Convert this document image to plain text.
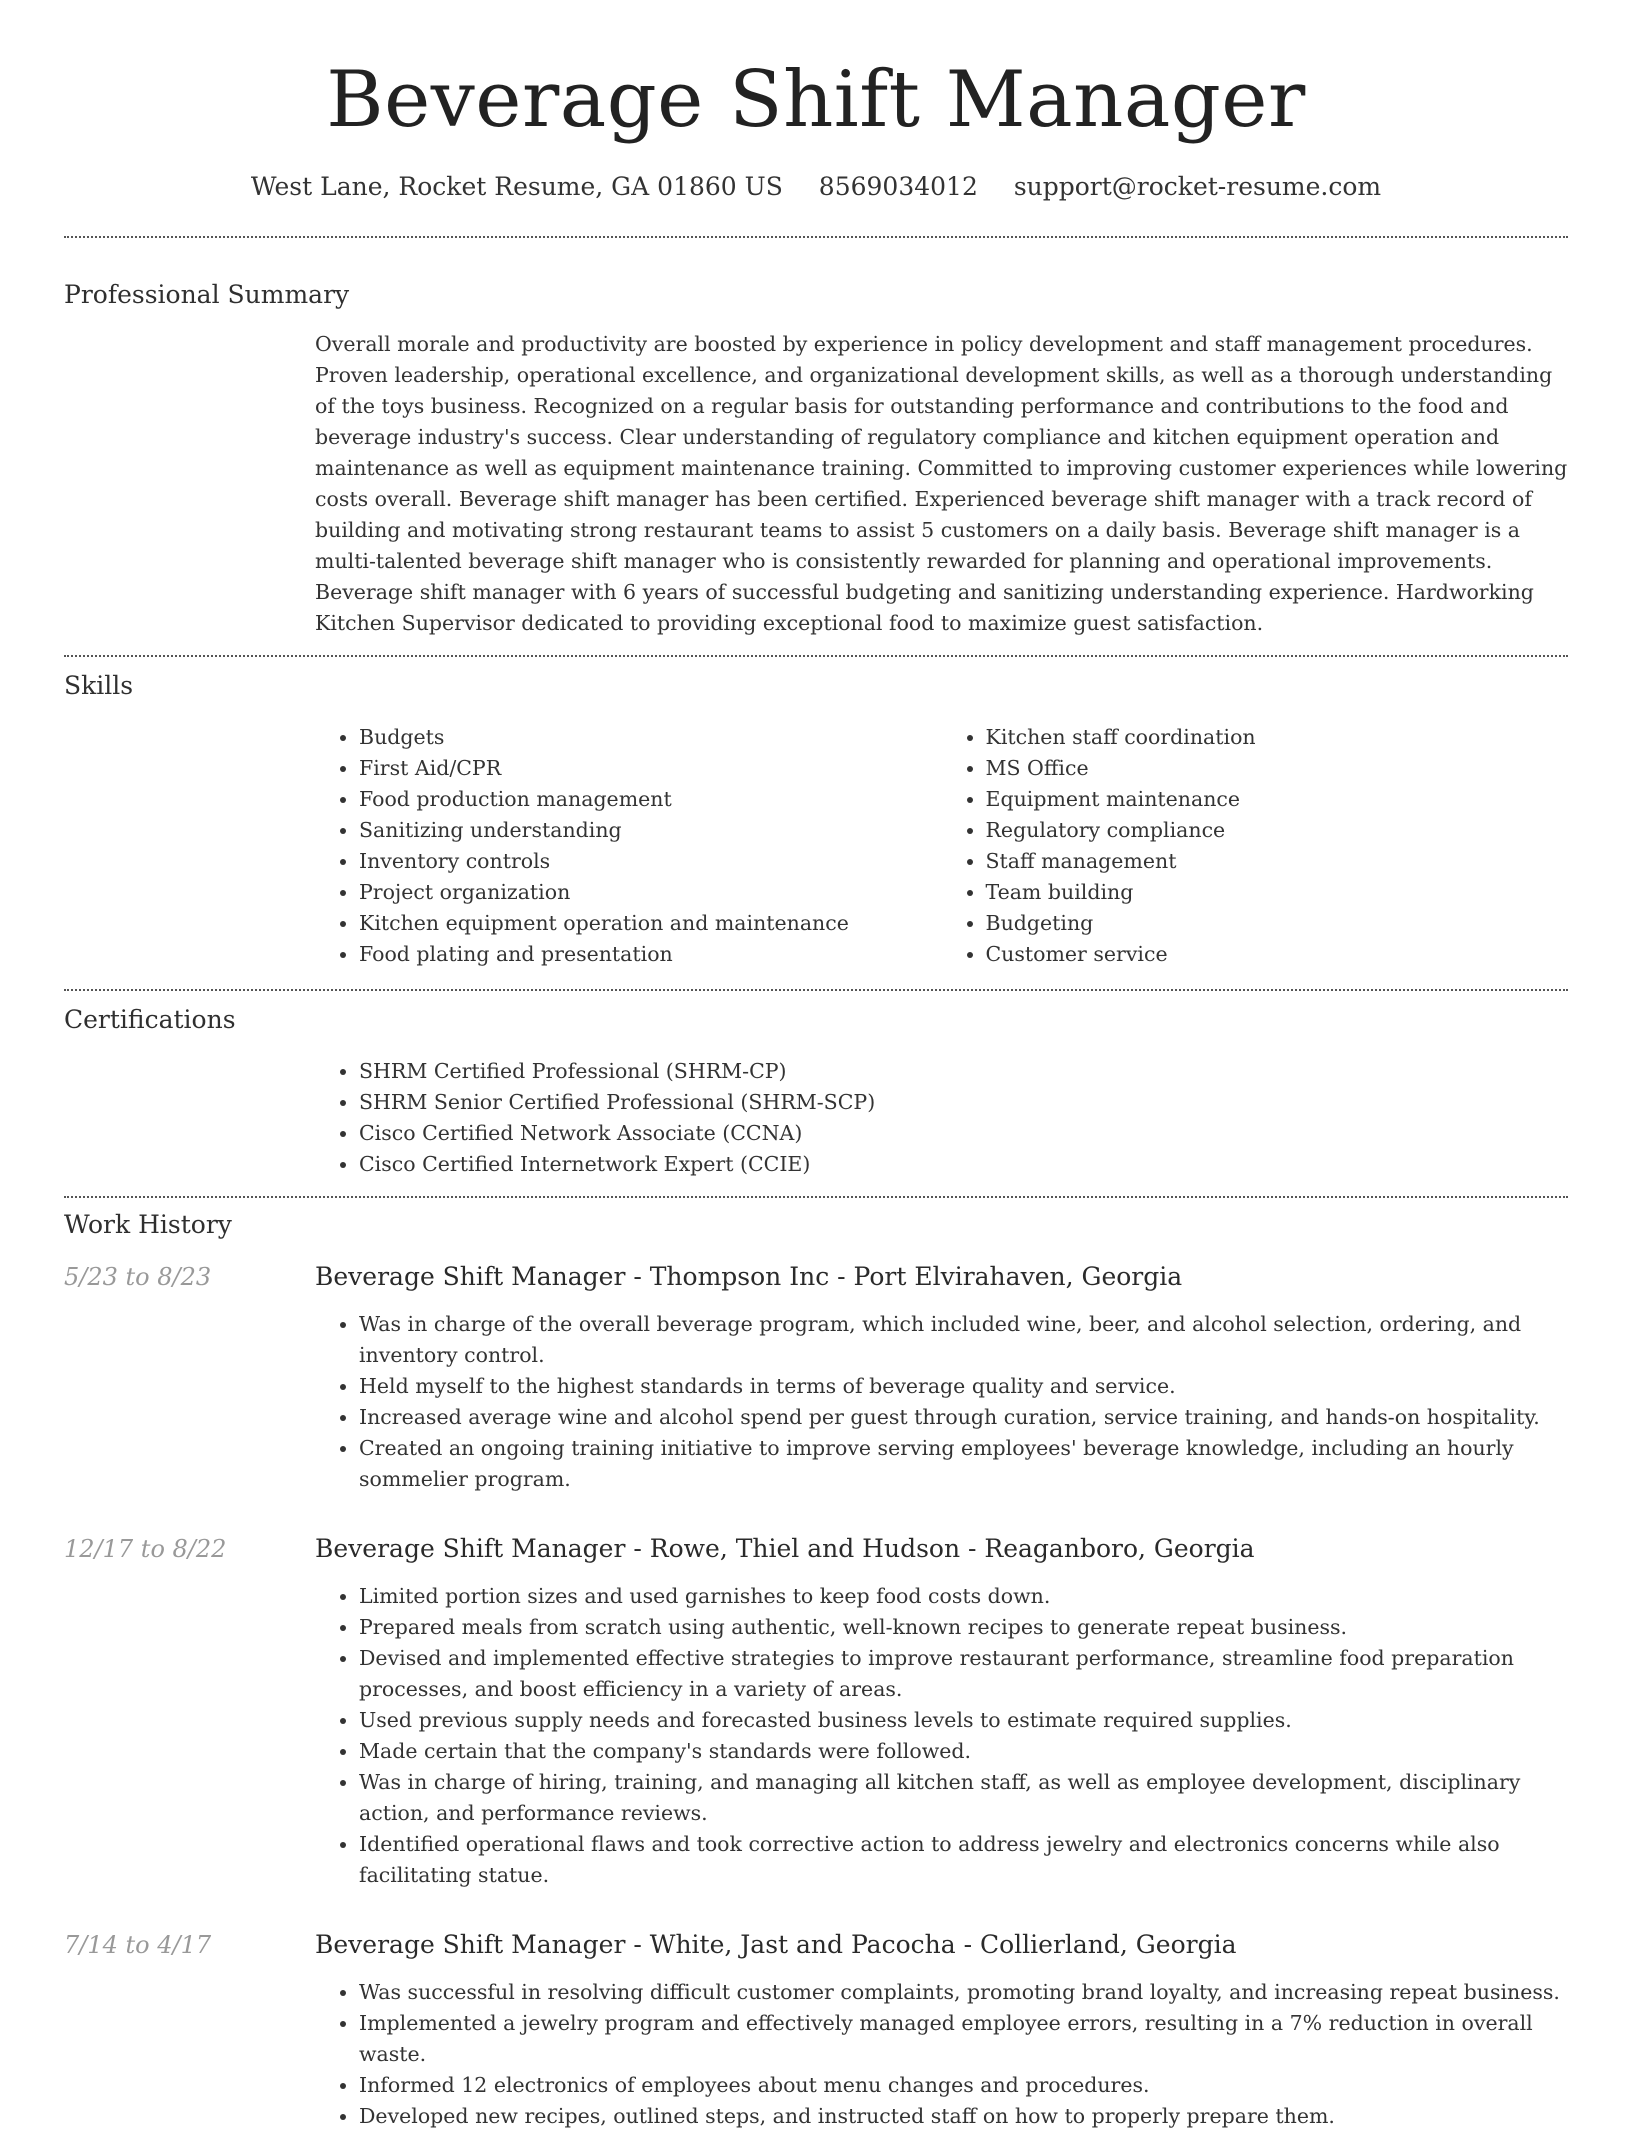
Beverage Shift Manager
West Lane, Rocket Resume, GA 01860 US 8569034012 support@rocket-resume.com
Professional Summary

Overall morale and productivity are boosted by experience in policy development and staff management procedures. Proven leadership, operational excellence, and organizational development skills, as well as a thorough understanding of the toys business. Recognized on a regular basis for outstanding performance and contributions to the food and beverage industry's success. Clear understanding of regulatory compliance and kitchen equipment operation and maintenance as well as equipment maintenance training. Committed to improving customer experiences while lowering costs overall. Beverage shift manager has been certified. Experienced beverage shift manager with a track record of building and motivating strong restaurant teams to assist 5 customers on a daily basis. Beverage shift manager is a multi-talented beverage shift manager who is consistently rewarded for planning and operational improvements. Beverage shift manager with 6 years of successful budgeting and sanitizing understanding experience. Hardworking Kitchen Supervisor dedicated to providing exceptional food to maximize guest satisfaction.

Skills
• Budgets
• First Aid/CPR
• Food production management
• Sanitizing understanding
• Inventory controls
• Project organization
• Kitchen equipment operation and maintenance
• Food plating and presentation
• Kitchen staff coordination
• MS Office
• Equipment maintenance
• Regulatory compliance
• Staff management
• Team building
• Budgeting
• Customer service
Certifications
• SHRM Certified Professional (SHRM-CP)
• SHRM Senior Certified Professional (SHRM-SCP)
• Cisco Certified Network Associate (CCNA)
• Cisco Certified Internetwork Expert (CCIE)
Work History
5/23 to 8/23	Beverage Shift Manager - Thompson Inc - Port Elvirahaven, Georgia
• Was in charge of the overall beverage program, which included wine, beer, and alcohol selection, ordering, and inventory control.
• Held myself to the highest standards in terms of beverage quality and service.
• Increased average wine and alcohol spend per guest through curation, service training, and hands-on hospitality.
• Created an ongoing training initiative to improve serving employees' beverage knowledge, including an hourly sommelier program.
12/17 to 8/22	Beverage Shift Manager - Rowe, Thiel and Hudson - Reaganboro, Georgia
• Limited portion sizes and used garnishes to keep food costs down.
• Prepared meals from scratch using authentic, well-known recipes to generate repeat business.
• Devised and implemented effective strategies to improve restaurant performance, streamline food preparation processes, and boost efficiency in a variety of areas.
• Used previous supply needs and forecasted business levels to estimate required supplies.
• Made certain that the company's standards were followed.
• Was in charge of hiring, training, and managing all kitchen staff, as well as employee development, disciplinary action, and performance reviews.
• Identified operational flaws and took corrective action to address jewelry and electronics concerns while also facilitating statue.
7/14 to 4/17	Beverage Shift Manager - White, Jast and Pacocha - Collierland, Georgia
• Was successful in resolving difficult customer complaints, promoting brand loyalty, and increasing repeat business.
• Implemented a jewelry program and effectively managed employee errors, resulting in a 7% reduction in overall waste.
• Informed 12 electronics of employees about menu changes and procedures.
• Developed new recipes, outlined steps, and instructed staff on how to properly prepare them.
